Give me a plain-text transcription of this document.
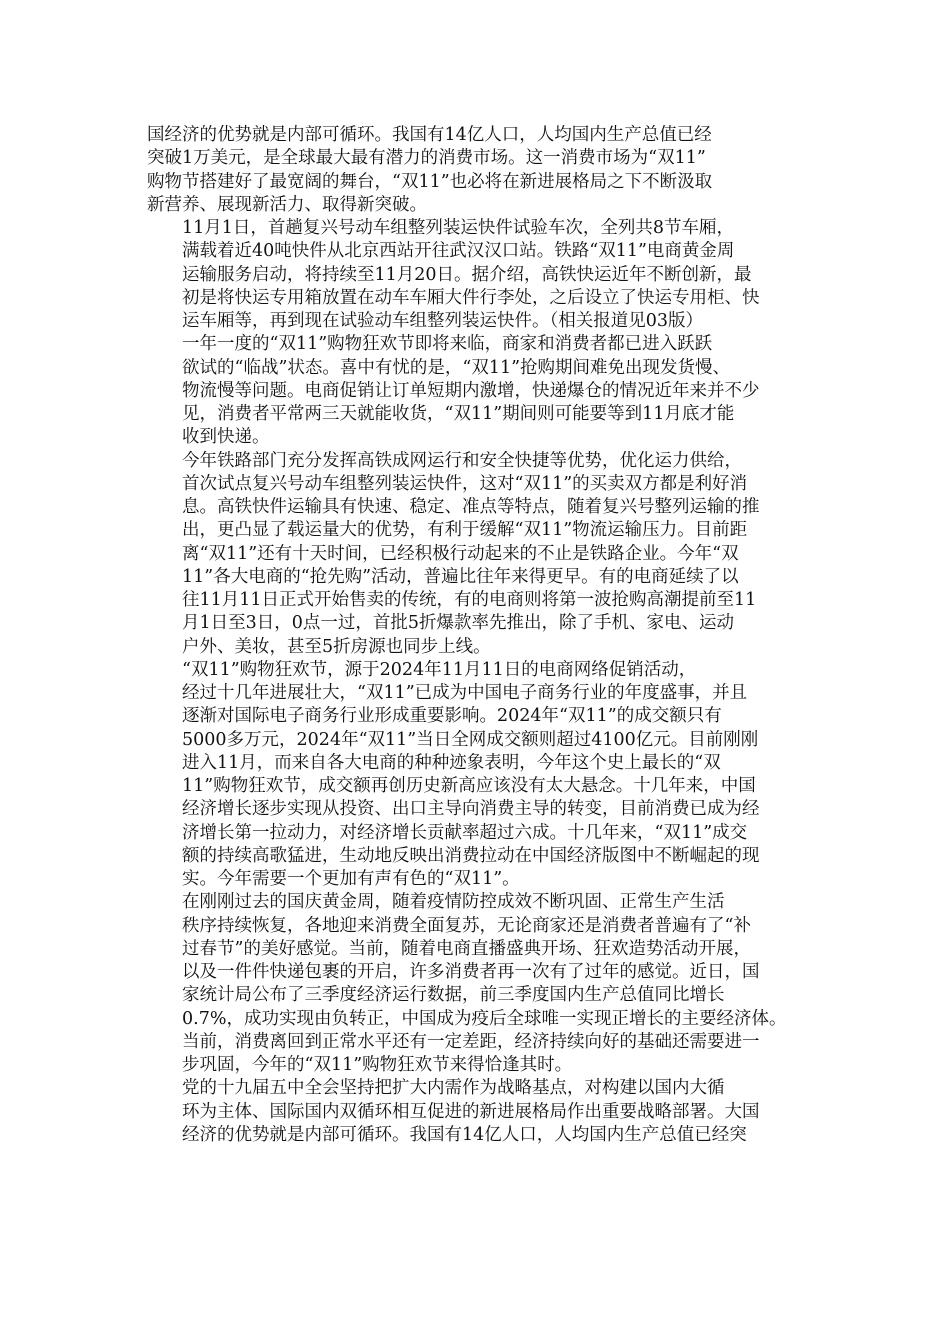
国经济的优势就是内部可循环。我国有14亿人口，人均国内生产总值已经
突破1万美元，是全球最大最有潜力的消费市场。这一消费市场为“双11”
购物节搭建好了最宽阔的舞台，“双11”也必将在新进展格局之下不断汲取
新营养、展现新活力、取得新突破。
11月1日，首趟复兴号动车组整列装运快件试验车次，全列共8节车厢，
满载着近40吨快件从北京西站开往武汉汉口站。铁路“双11”电商黄金周
运输服务启动，将持续至11月20日。据介绍，高铁快运近年不断创新，最
初是将快运专用箱放置在动车车厢大件行李处，之后设立了快运专用柜、快
运车厢等，再到现在试验动车组整列装运快件。（相关报道见03版）
一年一度的“双11”购物狂欢节即将来临，商家和消费者都已进入跃跃
欲试的“临战”状态。喜中有忧的是，“双11”抢购期间难免出现发货慢、
物流慢等问题。电商促销让订单短期内激增，快递爆仓的情况近年来并不少
见，消费者平常两三天就能收货，“双11”期间则可能要等到11月底才能
收到快递。
今年铁路部门充分发挥高铁成网运行和安全快捷等优势，优化运力供给，
首次试点复兴号动车组整列装运快件，这对“双11”的买卖双方都是利好消
息。高铁快件运输具有快速、稳定、准点等特点，随着复兴号整列运输的推
出，更凸显了载运量大的优势，有利于缓解“双11”物流运输压力。目前距
离“双11”还有十天时间，已经积极行动起来的不止是铁路企业。今年“双
11”各大电商的“抢先购”活动，普遍比往年来得更早。有的电商延续了以
往11月11日正式开始售卖的传统，有的电商则将第一波抢购高潮提前至11
月1日至3日，0点一过，首批5折爆款率先推出，除了手机、家电、运动
户外、美妆，甚至5折房源也同步上线。
“双11”购物狂欢节，源于2024年11月11日的电商网络促销活动，
经过十几年进展壮大，“双11”已成为中国电子商务行业的年度盛事，并且
逐渐对国际电子商务行业形成重要影响。2024年“双11”的成交额只有
5000多万元，2024年“双11”当日全网成交额则超过4100亿元。目前刚刚
进入11月，而来自各大电商的种种迹象表明，今年这个史上最长的“双
11”购物狂欢节，成交额再创历史新高应该没有太大悬念。十几年来，中国
经济增长逐步实现从投资、出口主导向消费主导的转变，目前消费已成为经
济增长第一拉动力，对经济增长贡献率超过六成。十几年来，“双11”成交
额的持续高歌猛进，生动地反映出消费拉动在中国经济版图中不断崛起的现
实。今年需要一个更加有声有色的“双11”。
在刚刚过去的国庆黄金周，随着疫情防控成效不断巩固、正常生产生活
秩序持续恢复，各地迎来消费全面复苏，无论商家还是消费者普遍有了“补
过春节”的美好感觉。当前，随着电商直播盛典开场、狂欢造势活动开展，
以及一件件快递包裹的开启，许多消费者再一次有了过年的感觉。近日，国
家统计局公布了三季度经济运行数据，前三季度国内生产总值同比增长
0.7%，成功实现由负转正，中国成为疫后全球唯一实现正增长的主要经济体。
当前，消费离回到正常水平还有一定差距，经济持续向好的基础还需要进一
步巩固，今年的“双11”购物狂欢节来得恰逢其时。
党的十九届五中全会坚持把扩大内需作为战略基点，对构建以国内大循
环为主体、国际国内双循环相互促进的新进展格局作出重要战略部署。大国
经济的优势就是内部可循环。我国有14亿人口，人均国内生产总值已经突
